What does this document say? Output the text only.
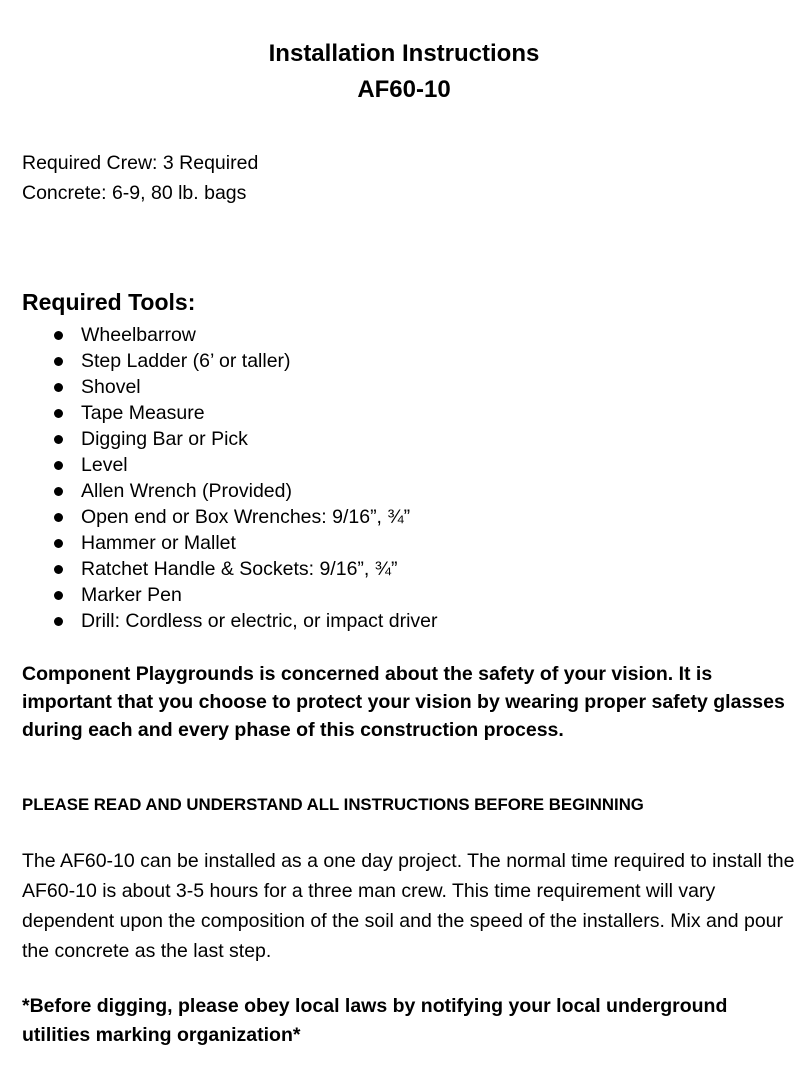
Installation Instructions
AF60-10
Required Crew: 3 Required
Concrete: 6-9, 80 lb. bags
Required Tools:
Wheelbarrow
Step Ladder (6’ or taller)
Shovel
Tape Measure
Digging Bar or Pick
Level
Allen Wrench (Provided)
Open end or Box Wrenches: 9/16”, ¾”
Hammer or Mallet
Ratchet Handle & Sockets: 9/16”, ¾”
Marker Pen
Drill: Cordless or electric, or impact driver
Component Playgrounds is concerned about the safety of your vision. It is important that you choose to protect your vision by wearing proper safety glasses during each and every phase of this construction process.
PLEASE READ AND UNDERSTAND ALL INSTRUCTIONS BEFORE BEGINNING
The AF60-10 can be installed as a one day project. The normal time required to install the AF60-10 is about 3-5 hours for a three man crew. This time requirement will vary dependent upon the composition of the soil and the speed of the installers. Mix and pour the concrete as the last step.
*Before digging, please obey local laws by notifying your local underground utilities marking organization*
